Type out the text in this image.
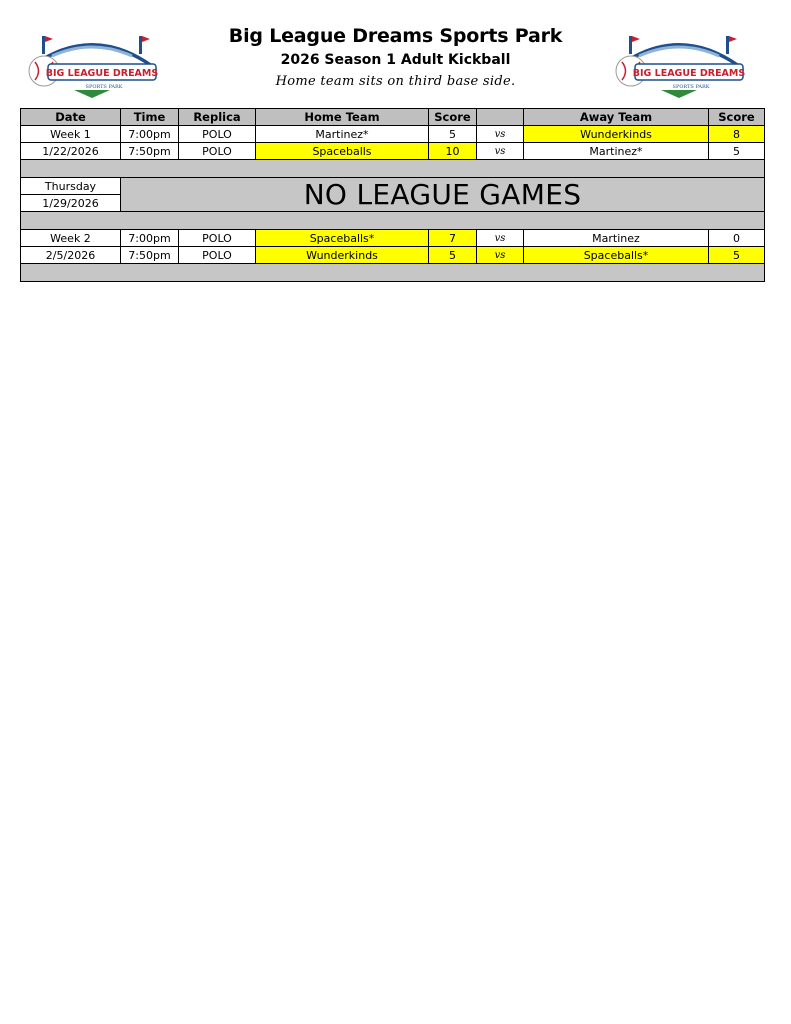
BIG LEAGUE DREAMS
SPORTS PARK
Big League Dreams Sports Park
2026 Season 1 Adult Kickball
Home team sits on third base side.
BIG LEAGUE DREAMS
SPORTS PARK
Date	Time	Replica	Home Team	Score		Away Team	Score
Week 1	7:00pm	POLO	Martinez*	5	vs	Wunderkinds	8
1/22/2026	7:50pm	POLO	Spaceballs	10	vs	Martinez*	5

Thursday	NO LEAGUE GAMES						
1/29/2026							

Week 2	7:00pm	POLO	Spaceballs*	7	vs	Martinez	0
2/5/2026	7:50pm	POLO	Wunderkinds	5	vs	Spaceballs*	5
